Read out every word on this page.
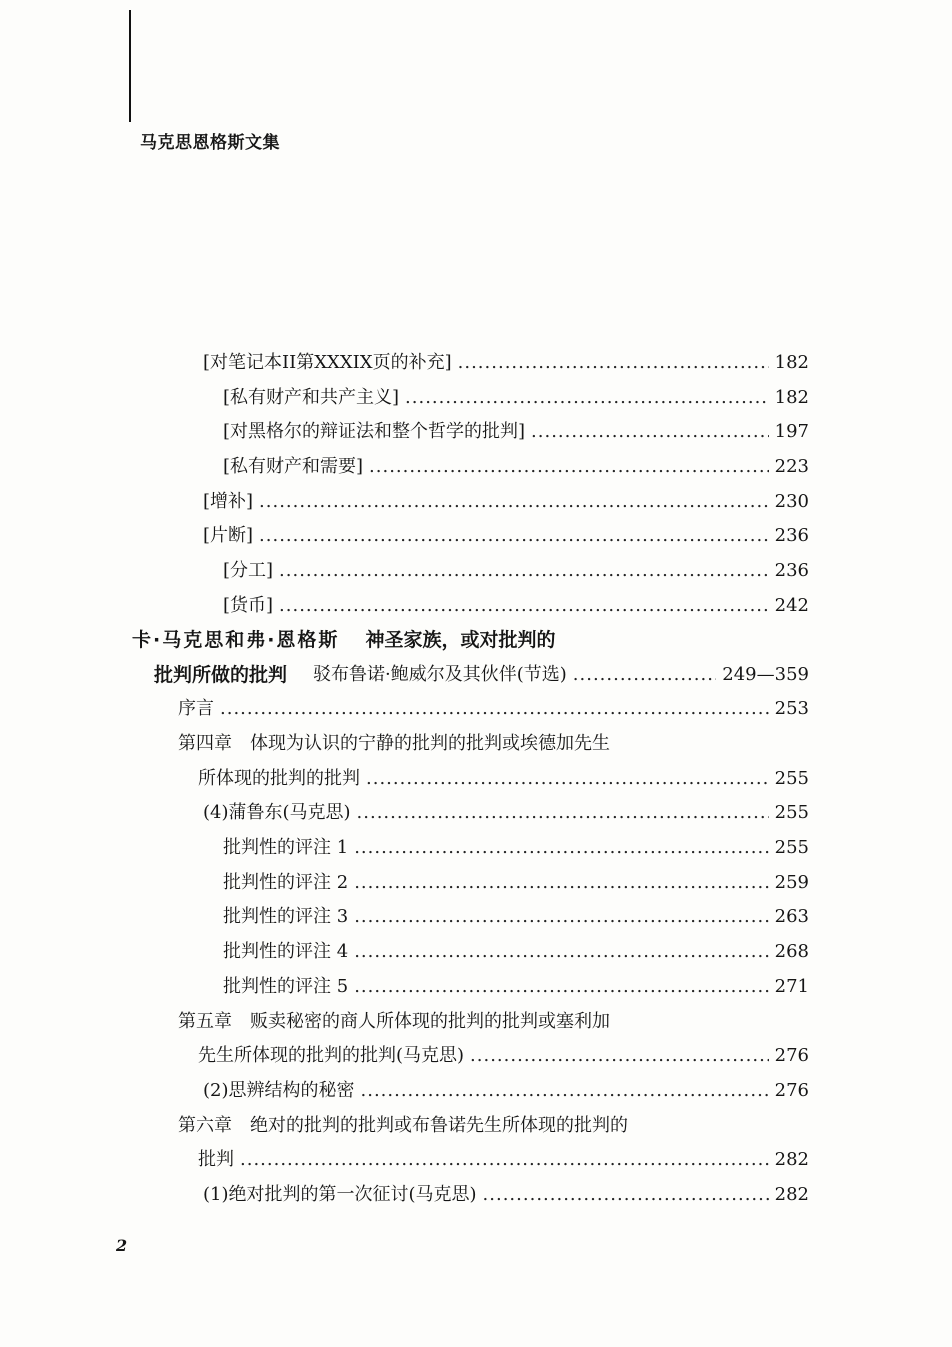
马克思恩格斯文集
[对笔记本II第XXXIX页的补充] .....	182
[私有财产和共产主义] .....	182
[对黑格尔的辩证法和整个哲学的批判] .....	197
[私有财产和需要] .....	223
[增补] .....	230
[片断] .....	236
[分工] .....	236
[货币] .....	242
卡·马克思和弗·恩格斯 神圣家族，或对批判的
批判所做的批判 驳布鲁诺·鲍威尔及其伙伴(节选) .....	249—359
序言 .....	253
第四章　体现为认识的宁静的批判的批判或埃德加先生
所体现的批判的批判 .....	255
(4)蒲鲁东(马克思) .....	255
批判性的评注 1 .....	255
批判性的评注 2 .....	259
批判性的评注 3 .....	263
批判性的评注 4 .....	268
批判性的评注 5 .....	271
第五章　贩卖秘密的商人所体现的批判的批判或塞利加
先生所体现的批判的批判(马克思) .....	276
(2)思辨结构的秘密 .....	276
第六章　绝对的批判的批判或布鲁诺先生所体现的批判的
批判 .....	282
(1)绝对批判的第一次征讨(马克思) .....	282
2
